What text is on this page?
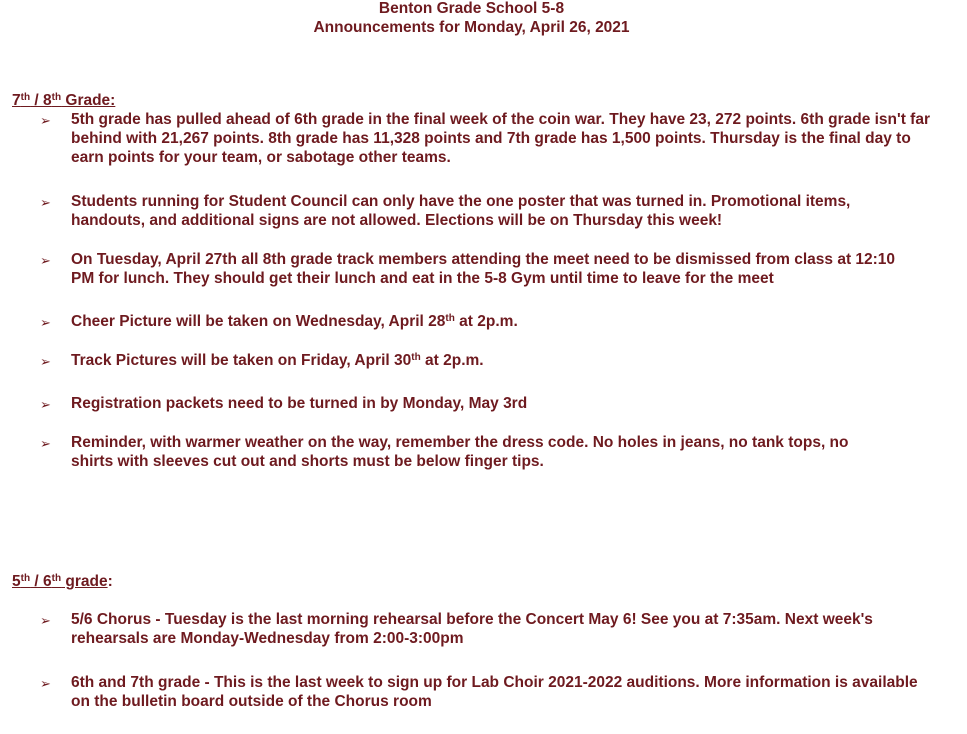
Benton Grade School 5-8
Announcements for Monday, April 26, 2021
7th / 8th Grade:
➢	5th grade has pulled ahead of 6th grade in the final week of the coin war. They have 23, 272 points. 6th grade isn't far behind with 21,267 points. 8th grade has 11,328 points and 7th grade has 1,500 points. Thursday is the final day to earn points for your team, or sabotage other teams.
➢	Students running for Student Council can only have the one poster that was turned in. Promotional items, handouts, and additional signs are not allowed. Elections will be on Thursday this week!
➢	On Tuesday, April 27th all 8th grade track members attending the meet need to be dismissed from class at 12:10 PM for lunch. They should get their lunch and eat in the 5-8 Gym until time to leave for the meet
➢	Cheer Picture will be taken on Wednesday, April 28th at 2p.m.
➢	Track Pictures will be taken on Friday, April 30th at 2p.m.
➢	Registration packets need to be turned in by Monday, May 3rd
➢	Reminder, with warmer weather on the way, remember the dress code. No holes in jeans, no tank tops, no shirts with sleeves cut out and shorts must be below finger tips.
5th / 6th grade:
➢	5/6 Chorus - Tuesday is the last morning rehearsal before the Concert May 6! See you at 7:35am. Next week's rehearsals are Monday-Wednesday from 2:00-3:00pm
➢	6th and 7th grade - This is the last week to sign up for Lab Choir 2021-2022 auditions. More information is available on the bulletin board outside of the Chorus room
